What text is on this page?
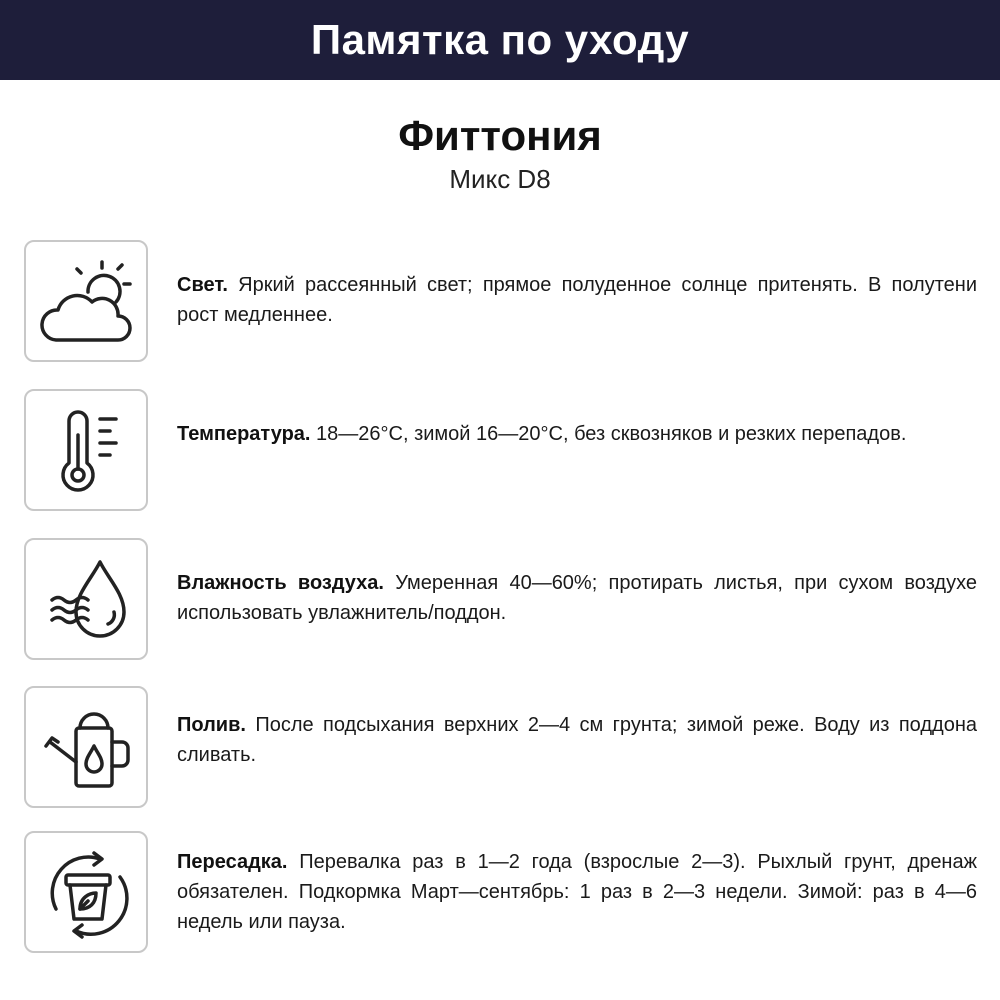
Памятка по уходу
Фиттония
Микс D8
Свет. Яркий рассеянный свет; прямое полуденное солнце притенять. В полутени рост медленнее.
Температура. 18—26°C, зимой 16—20°C, без сквозняков и резких перепадов.
Влажность воздуха. Умеренная 40—60%; протирать листья, при сухом воздухе использовать увлажнитель/поддон.
Полив. После подсыхания верхних 2—4 см грунта; зимой реже. Воду из поддона сливать.
Пересадка. Перевалка раз в 1—2 года (взрослые 2—3). Рыхлый грунт, дренаж обязателен. Подкормка Март—сентябрь: 1 раз в 2—3 недели. Зимой: раз в 4—6 недель или пауза.
